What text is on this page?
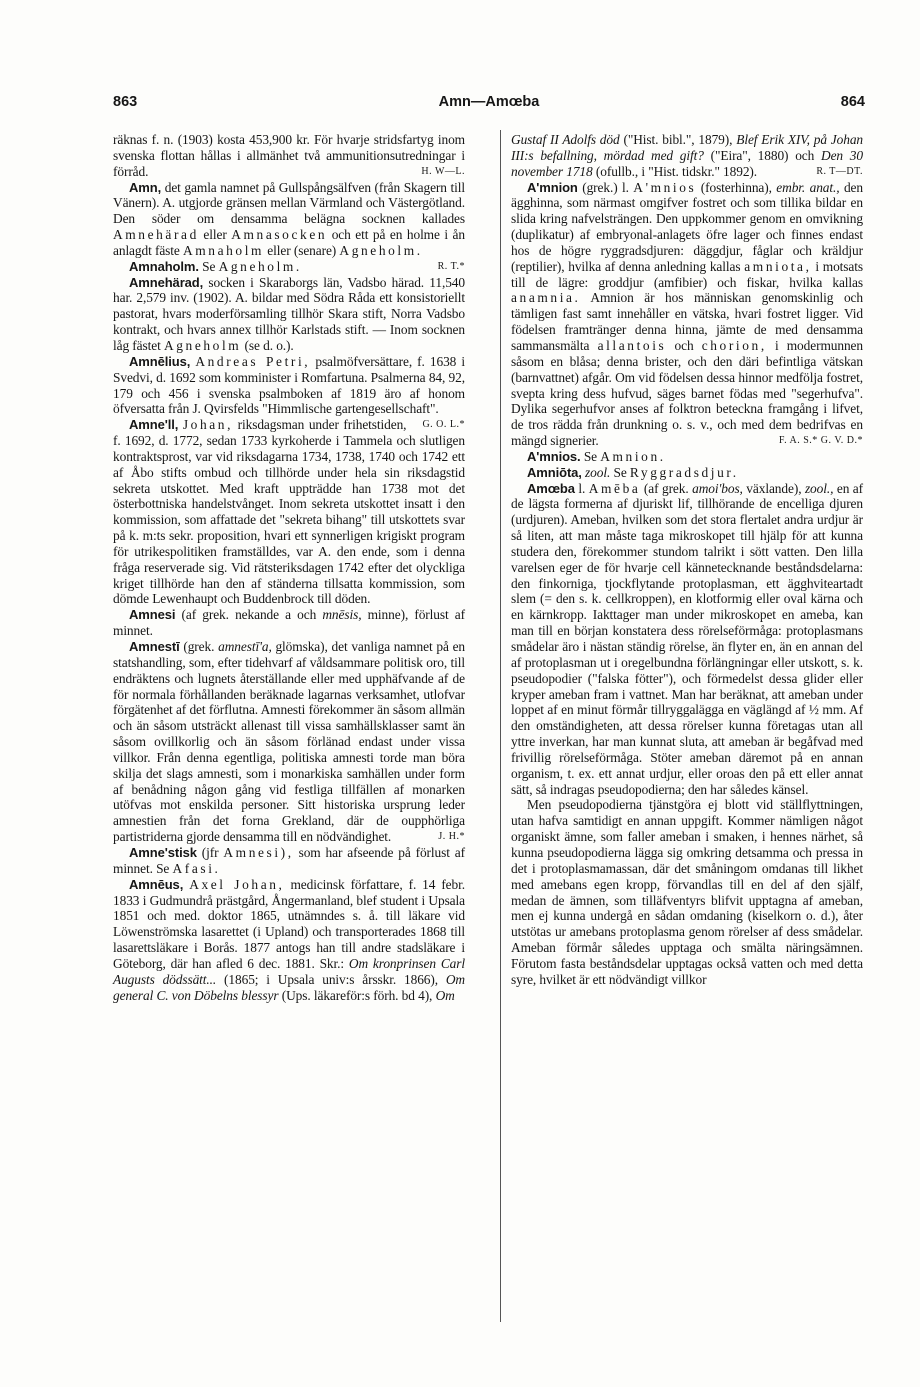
863	Amn—Amœba	864

räknas f. n. (1903) kosta 453,900 kr. För hvarje stridsfartyg inom svenska flottan hållas i allmänhet två ammunitionsutredningar i förråd.	H. W—L.

Amn, det gamla namnet på Gullspångsälfven (från Skagern till Vänern). A. utgjorde gränsen mellan Värmland och Västergötland. Den söder om densamma belägna socknen kallades Amnehärad eller Amnasocken och ett på en holme i ån anlagdt fäste Amnaholm eller (senare) Agneholm.
R. T.*

Amnaholm. Se Agneholm.

Amnehärad, socken i Skaraborgs län, Vadsbo härad. 11,540 har. 2,579 inv. (1902). A. bildar med Södra Råda ett konsistoriellt pastorat, hvars moderförsamling tillhör Skara stift, Norra Vadsbo kontrakt, och hvars annex tillhör Karlstads stift. — Inom socknen låg fästet Agneholm (se d. o.).

Amnēlius, Andreas Petri, psalmöfversättare, f. 1638 i Svedvi, d. 1692 som komminister i Romfartuna. Psalmerna 84, 92, 179 och 456 i svenska psalmboken af 1819 äro af honom öfversatta från J. Qvirsfelds "Himmlische gartengesellschaft".
G. O. L.*

Amne'll, Johan, riksdagsman under frihetstiden, f. 1692, d. 1772, sedan 1733 kyrkoherde i Tammela och slutligen kontraktsprost, var vid riksdagarna 1734, 1738, 1740 och 1742 ett af Åbo stifts ombud och tillhörde under hela sin riksdagstid sekreta utskottet. Med kraft uppträdde han 1738 mot det österbottniska handelstvånget. Inom sekreta utskottet insatt i den kommission, som affattade det "sekreta bihang" till utskottets svar på k. m:ts sekr. proposition, hvari ett synnerligen krigiskt program för utrikespolitiken framställdes, var A. den ende, som i denna fråga reserverade sig. Vid rätsteriksdagen 1742 efter det olyckliga kriget tillhörde han den af ständerna tillsatta kommission, som dömde Lewenhaupt och Buddenbrock till döden.

Amnesi (af grek. nekande a och mnēsis, minne), förlust af minnet.

Amnestī (grek. amnestī'a, glömska), det vanliga namnet på en statshandling, som, efter tidehvarf af våldsammare politisk oro, till endräktens och lugnets återställande eller med upphäfvande af de för normala förhållanden beräknade lagarnas verksamhet, utlofvar förgätenhet af det förflutna. Amnesti förekommer än såsom allmän och än såsom utsträckt allenast till vissa samhällsklasser samt än såsom ovillkorlig och än såsom förlänad endast under vissa villkor. Från denna egentliga, politiska amnesti torde man böra skilja det slags amnesti, som i monarkiska samhällen under form af benådning någon gång vid festliga tillfällen af monarken utöfvas mot enskilda personer. Sitt historiska ursprung leder amnestien från det forna Grekland, där de oupphörliga partistriderna gjorde densamma till en nödvändighet.	J. H.*

Amne'stisk (jfr Amnesi), som har afseende på förlust af minnet. Se Afasi.

Amnēus, Axel Johan, medicinsk författare, f. 14 febr. 1833 i Gudmundrå prästgård, Ångermanland, blef student i Upsala 1851 och med. doktor 1865, utnämndes s. å. till läkare vid Löwenströmska lasarettet (i Upland) och transporterades 1868 till lasarettsläkare i Borås. 1877 antogs han till andre stadsläkare i Göteborg, där han afled 6 dec. 1881. Skr.: Om kronprinsen Carl Augusts dödssätt... (1865; i Upsala univ:s årsskr. 1866), Om general C. von Döbelns blessyr (Ups. läkareför:s förh. bd 4), Om

Gustaf II Adolfs död ("Hist. bibl.", 1879), Blef Erik XIV, på Johan III:s befallning, mördad med gift? ("Eira", 1880) och Den 30 november 1718 (ofullb., i "Hist. tidskr." 1892).	R. T—DT.

A'mnion (grek.) l. A'mnios (fosterhinna), embr. anat., den ägghinna, som närmast omgifver fostret och som tillika bildar en slida kring nafvelsträngen. Den uppkommer genom en omvikning (duplikatur) af embryonal-anlagets öfre lager och finnes endast hos de högre ryggradsdjuren: däggdjur, fåglar och kräldjur (reptilier), hvilka af denna anledning kallas amniota, i motsats till de lägre: groddjur (amfibier) och fiskar, hvilka kallas anamnia. Amnion är hos människan genomskinlig och tämligen fast samt innehåller en vätska, hvari fostret ligger. Vid födelsen framtränger denna hinna, jämte de med densamma sammansmälta allantois och chorion, i modermunnen såsom en blåsa; denna brister, och den däri befintliga vätskan (barnvattnet) afgår. Om vid födelsen dessa hinnor medfölja fostret, svepta kring dess hufvud, säges barnet födas med "segerhufva". Dylika segerhufvor anses af folktron beteckna framgång i lifvet, de tros rädda från drunkning o. s. v., och med dem bedrifvas en mängd signerier.	F. A. S.* G. V. D.*

A'mnios. Se Amnion.

Amniōta, zool. Se Ryggradsdjur.

Amœba l. Amēba (af grek. amoi'bos, växlande), zool., en af de lägsta formerna af djuriskt lif, tillhörande de encelliga djuren (urdjuren). Ameban, hvilken som det stora flertalet andra urdjur är så liten, att man måste taga mikroskopet till hjälp för att kunna studera den, förekommer stundom talrikt i sött vatten. Den lilla varelsen eger de för hvarje cell kännetecknande beståndsdelarna: den finkorniga, tjockflytande protoplasman, ett ägghviteartadt slem (= den s. k. cellkroppen), en klotformig eller oval kärna och en kärnkropp. Iakttager man under mikroskopet en ameba, kan man till en början konstatera dess rörelseförmåga: protoplasmans smådelar äro i nästan ständig rörelse, än flyter en, än en annan del af protoplasman ut i oregelbundna förlängningar eller utskott, s. k. pseudopodier ("falska fötter"), och förmedelst dessa glider eller kryper ameban fram i vattnet. Man har beräknat, att ameban under loppet af en minut förmår tillryggalägga en väglängd af ½ mm. Af den omständigheten, att dessa rörelser kunna företagas utan all yttre inverkan, har man kunnat sluta, att ameban är begåfvad med frivillig rörelseförmåga. Stöter ameban däremot på en annan organism, t. ex. ett annat urdjur, eller oroas den på ett eller annat sätt, så indragas pseudopodierna; den har således känsel.

Men pseudopodierna tjänstgöra ej blott vid ställflyttningen, utan hafva samtidigt en annan uppgift. Kommer nämligen något organiskt ämne, som faller ameban i smaken, i hennes närhet, så kunna pseudopodierna lägga sig omkring detsamma och pressa in det i protoplasmamassan, där det småningom omdanas till likhet med amebans egen kropp, förvandlas till en del af den själf, medan de ämnen, som tilläfventyrs blifvit upptagna af ameban, men ej kunna undergå en sådan omdaning (kiselkorn o. d.), åter utstötas ur amebans protoplasma genom rörelser af dess smådelar. Ameban förmår således upptaga och smälta näringsämnen. Förutom fasta beståndsdelar upptagas också vatten och med detta syre, hvilket är ett nödvändigt villkor
